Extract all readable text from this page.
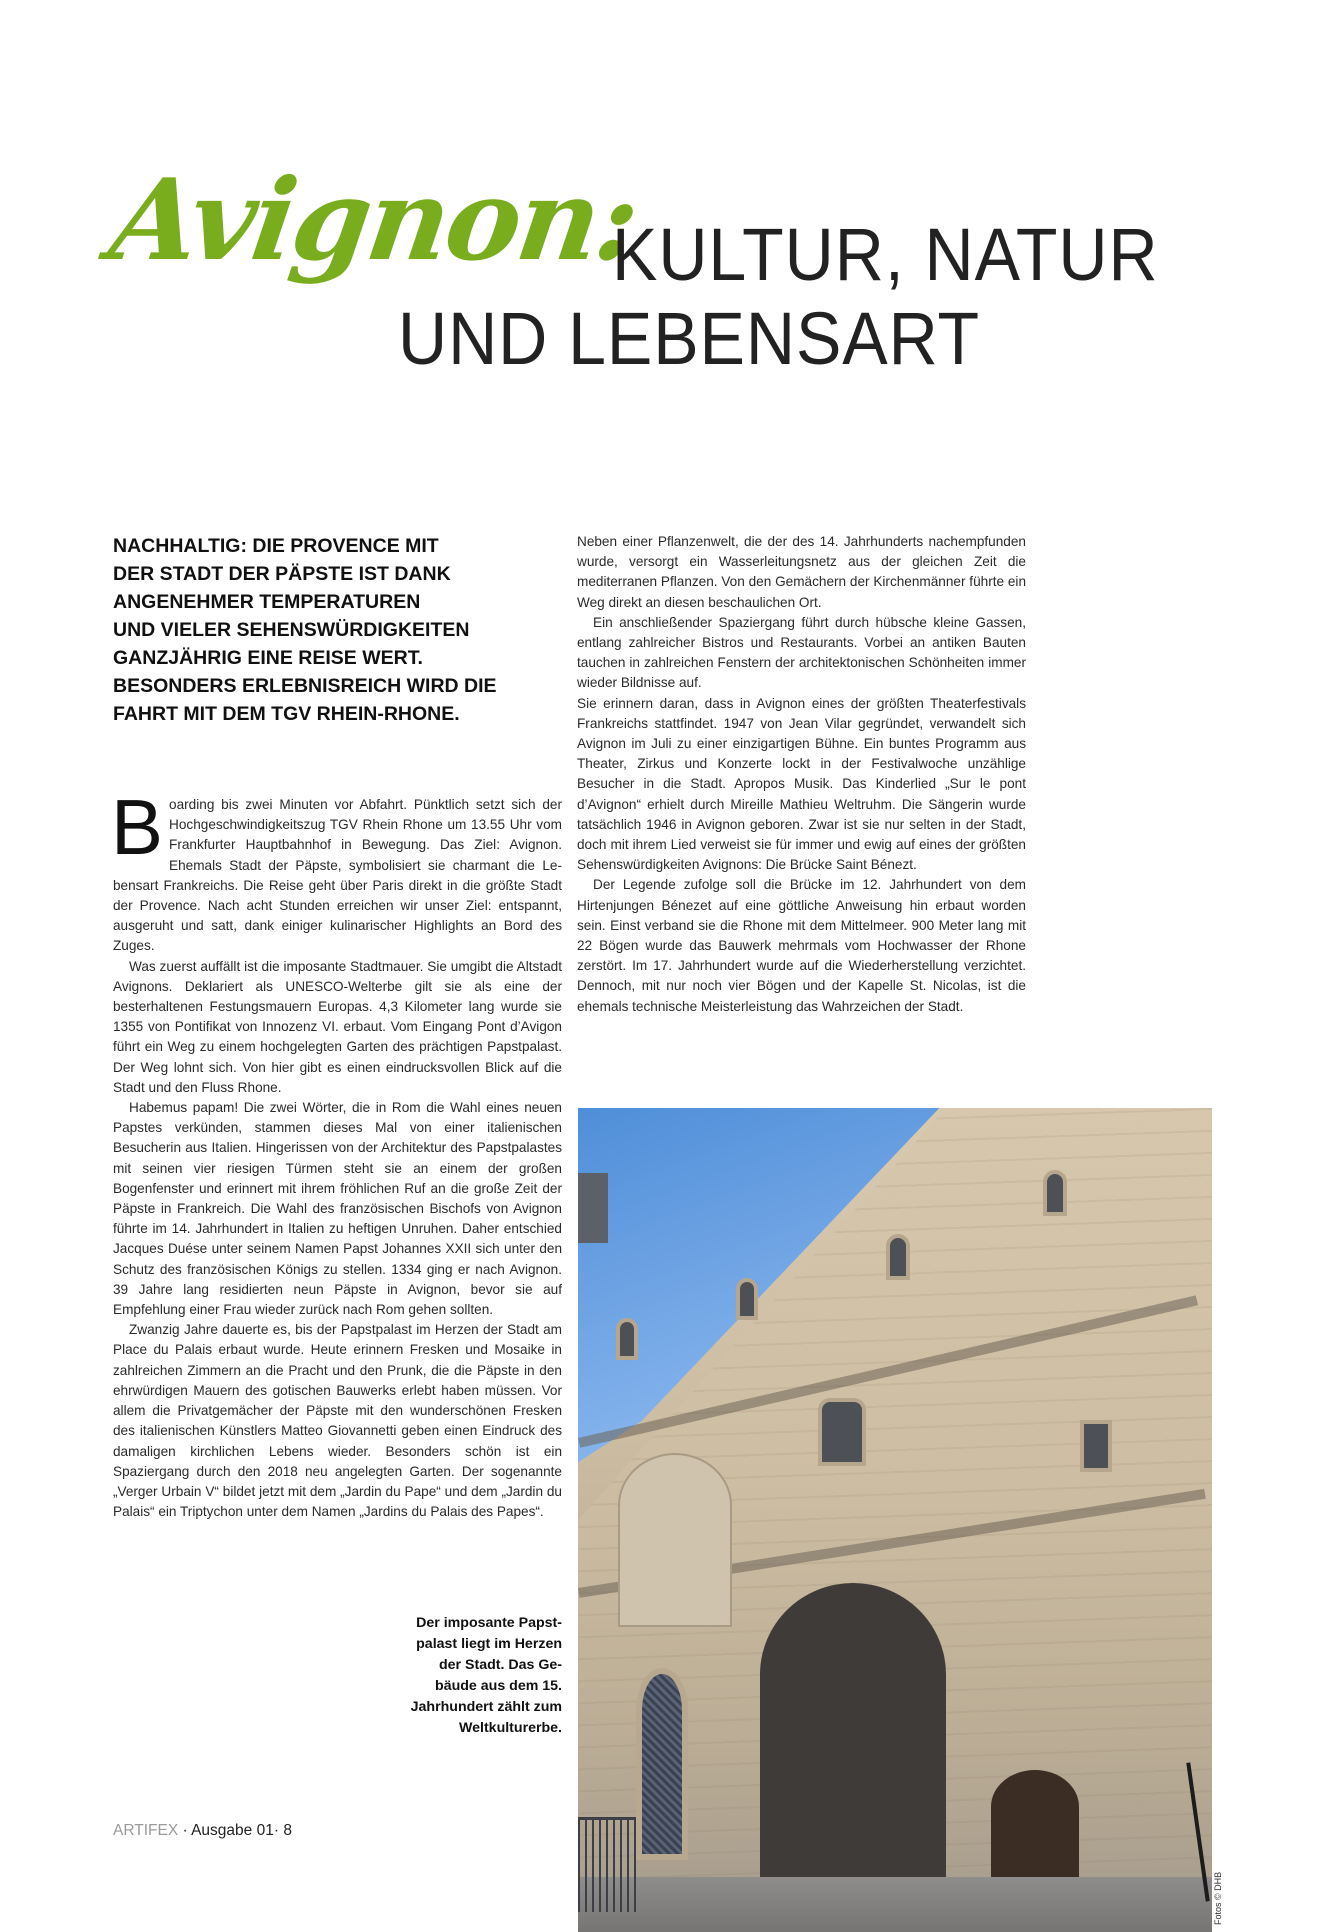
Avignon:
KULTUR, NATUR
UND LEBENSART
NACHHALTIG: DIE PROVENCE MIT
DER STADT DER PÄPSTE IST DANK
ANGENEHMER TEMPERATUREN
UND VIELER SEHENSWÜRDIGKEITEN
GANZJÄHRIG EINE REISE WERT.
BESONDERS ERLEBNISREICH WIRD DIE
FAHRT MIT DEM TGV RHEIN-RHONE.

Boarding bis zwei Minuten vor Abfahrt. Pünktlich setzt sich der Hochgeschwindigkeitszug TGV Rhein Rhone um 13.55 Uhr vom Frankfurter Hauptbahnhof in Bewegung. Das Ziel: Avignon. Ehemals Stadt der Päpste, symbolisiert sie charmant die Lebensart Frankreichs. Die Reise geht über Paris direkt in die größte Stadt der Provence. Nach acht Stunden erreichen wir unser Ziel: entspannt, ausgeruht und satt, dank einiger kulinarischer Highlights an Bord des Zuges.

Was zuerst auffällt ist die imposante Stadtmauer. Sie umgibt die Altstadt Avignons. Deklariert als UNESCO-Welterbe gilt sie als eine der besterhaltenen Festungsmauern Europas. 4,3 Kilometer lang wurde sie 1355 von Pontifikat von Innozenz VI. erbaut. Vom Eingang Pont d’Avigon führt ein Weg zu einem hochgelegten Garten des prächtigen Papstpalast. Der Weg lohnt sich. Von hier gibt es einen eindrucksvollen Blick auf die Stadt und den Fluss Rhone.

Habemus papam! Die zwei Wörter, die in Rom die Wahl eines neuen Papstes verkünden, stammen dieses Mal von einer italienischen Besucherin aus Italien. Hingerissen von der Architektur des Papstpalastes mit seinen vier riesigen Türmen steht sie an einem der großen Bogenfenster und erinnert mit ihrem fröhlichen Ruf an die große Zeit der Päpste in Frankreich. Die Wahl des französischen Bischofs von Avignon führte im 14. Jahrhundert in Italien zu heftigen Unruhen. Daher entschied Jacques Duése unter seinem Namen Papst Johannes XXII sich unter den Schutz des französischen Königs zu stellen. 1334 ging er nach Avignon. 39 Jahre lang residierten neun Päpste in Avignon, bevor sie auf Empfehlung einer Frau wieder zurück nach Rom gehen sollten.

Zwanzig Jahre dauerte es, bis der Papstpalast im Herzen der Stadt am Place du Palais erbaut wurde. Heute erinnern Fresken und Mosaike in zahlreichen Zimmern an die Pracht und den Prunk, die die Päpste in den ehrwürdigen Mauern des gotischen Bauwerks erlebt haben müssen. Vor allem die Privatgemächer der Päpste mit den wunderschönen Fresken des italienischen Künstlers Matteo Giovannetti geben einen Eindruck des damaligen kirchlichen Lebens wieder. Besonders schön ist ein Spaziergang durch den 2018 neu angelegten Garten. Der sogenannte „Verger Urbain V“ bildet jetzt mit dem „Jardin du Pape“ und dem „Jardin du Palais“ ein Triptychon unter dem Namen „Jardins du Palais des Papes“.

Neben einer Pflanzenwelt, die der des 14. Jahrhunderts nachempfunden wurde, versorgt ein Wasserleitungsnetz aus der gleichen Zeit die mediterranen Pflanzen. Von den Gemächern der Kirchenmänner führte ein Weg direkt an diesen beschaulichen Ort.

Ein anschließender Spaziergang führt durch hübsche kleine Gassen, entlang zahlreicher Bistros und Restaurants. Vorbei an antiken Bauten tauchen in zahlreichen Fenstern der architektonischen Schönheiten immer wieder Bildnisse auf.

Sie erinnern daran, dass in Avignon eines der größten Theaterfestivals Frankreichs stattfindet. 1947 von Jean Vilar gegründet, verwandelt sich Avignon im Juli zu einer einzigartigen Bühne. Ein buntes Programm aus Theater, Zirkus und Konzerte lockt in der Festivalwoche unzählige Besucher in die Stadt. Apropos Musik. Das Kinderlied „Sur le pont d’Avignon“ erhielt durch Mireille Mathieu Weltruhm. Die Sängerin wurde tatsächlich 1946 in Avignon geboren. Zwar ist sie nur selten in der Stadt, doch mit ihrem Lied verweist sie für immer und ewig auf eines der größten Sehenswürdigkeiten Avignons: Die Brücke Saint Bénezt.

Der Legende zufolge soll die Brücke im 12. Jahrhundert von dem Hirtenjungen Bénezet auf eine göttliche Anweisung hin erbaut worden sein. Einst verband sie die Rhone mit dem Mittelmeer. 900 Meter lang mit 22 Bögen wurde das Bauwerk mehrmals vom Hochwasser der Rhone zerstört. Im 17. Jahrhundert wurde auf die Wiederherstellung verzichtet. Dennoch, mit nur noch vier Bögen und der Kapelle St. Nicolas, ist die ehemals technische Meisterleistung das Wahrzeichen der Stadt.

Fotos © DHB
Der imposante Papst-
palast liegt im Herzen
der Stadt. Das Ge-
bäude aus dem 15.
Jahrhundert zählt zum
Weltkulturerbe.
ARTIFEX · Ausgabe 01· 8
